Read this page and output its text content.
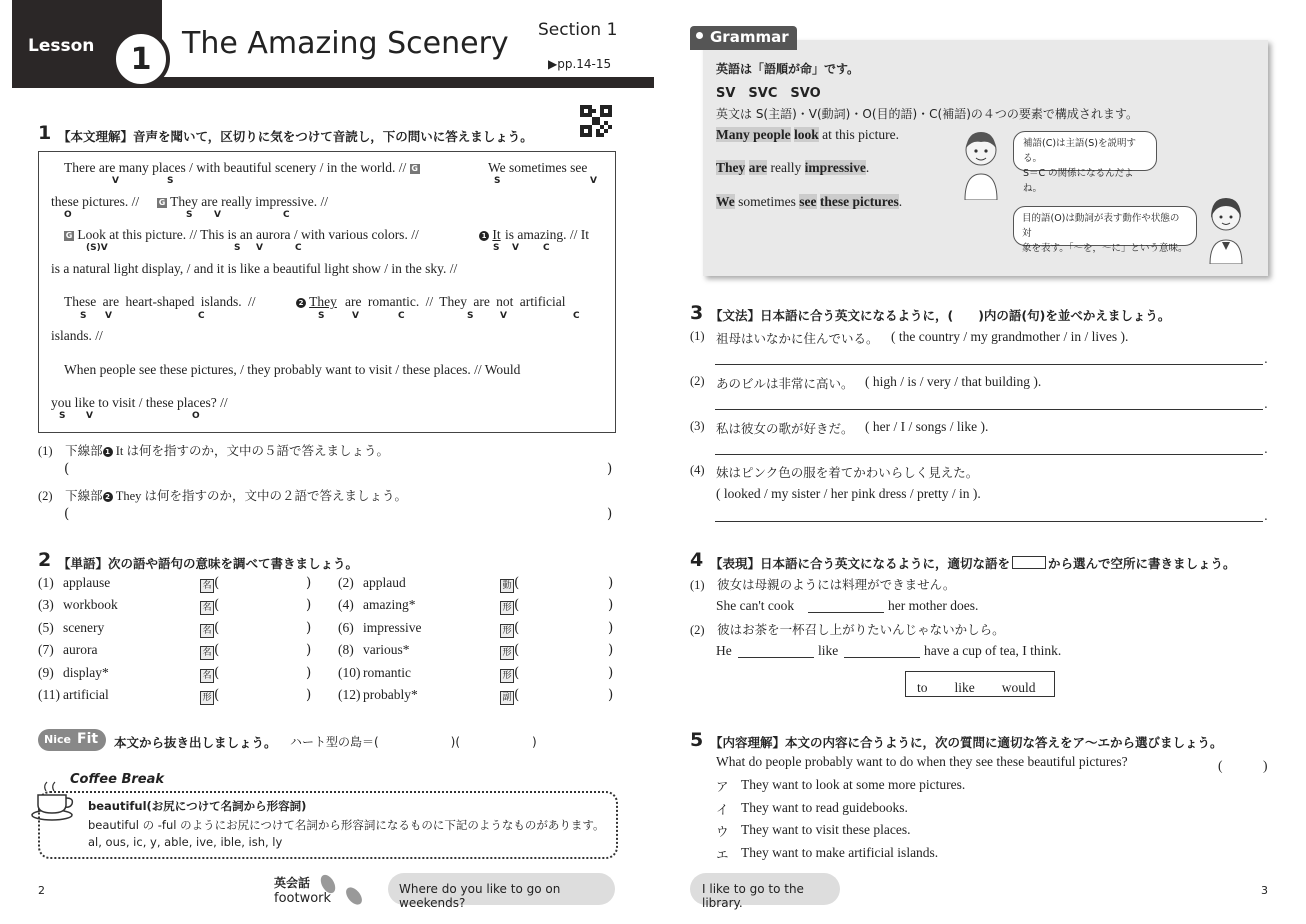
Lesson	1	The Amazing Scenery Section 1
▶pp.14-15
1 【本文理解】音声を聞いて，区切りに気をつけて音読し，下の問いに答えましょう。
There are many places / with beautiful scenery / in the world. // G	We sometimes see
these pictures. // G They are really impressive. //
G Look at this picture. // This is an aurora / with various colors. //	1 It is amazing. // It
is a natural light display, / and it is like a beautiful light show / in the sky. //
These are heart-shaped islands. //	2 They are romantic. // They are not artificial
islands. //
When people see these pictures, / they probably want to visit / these places. // Would
you like to visit / these places? //
V	S	S	V
O	S V	C
(S)V	S V	C	S V	C
S V	C	S	V	C	S	V	C
S V	O
(1)　 下線部 1 It は何を指すのか，文中の５語で答えましょう。
(	)
(2)　 下線部 2 They は何を指すのか，文中の２語で答えましょう。
(	)
2 【単語】次の語や語句の意味を調べて書きましょう。
(1) applause	名 (	) (2) applaud	動 (	)
(3) workbook	名 (	) (4) amazing*	形 (	)
(5) scenery	名 (	) (6) impressive	形 (	)
(7) aurora	名 (	) (8) various*	形 (	)
(9) display*	名 (	) (10) romantic	形 (	)
(11) artificial	形 (	) (12) probably*	副 (	)
Nice Fit 本文から抜き出しましょう。 ハート型の島＝(　　　　　　)(　　　　　　)
Coffee Break
beautiful(お尻につけて名詞から形容詞)
beautiful の -ful のようにお尻につけて名詞から形容詞になるものに下記のようなものがあります。
al, ous, ic, y, able, ive, ible, ish, ly
2
英会話
footwork
Where do you like to go on weekends?
I like to go to the library.
3
Grammar
英語は「語順が命」です。
SV　SVC　SVO
英文は S(主語)・V(動詞)・O(目的語)・C(補語)の４つの要素で構成されます。
Many people look at this picture.
They are really impressive.
We sometimes see these pictures.
補語(C)は主語(S)を説明する。
S＝C の関係になるんだよね。
目的語(O)は動詞が表す動作や状態の対
象を表す。「～を，～に」という意味。
3 【文法】日本語に合う英文になるように，(　　)内の語(句)を並べかえましょう。
(1) 祖母はいなかに住んでいる。 ( the country / my grandmother / in / lives ).
.
(2) あのビルは非常に高い。 ( high / is / very / that building ).
.
(3) 私は彼女の歌が好きだ。 ( her / I / songs / like ).
.
(4) 妹はピンク色の服を着てかわいらしく見えた。
( looked / my sister / her pink dress / pretty / in ).
.
4 【表現】日本語に合う英文になるように，適切な語を	から選んで空所に書きましょう。
(1)　 彼女は母親のようには料理ができません。
She can't cook	her mother does.
(2)　 彼はお茶を一杯召し上がりたいんじゃないかしら。
He	like	have a cup of tea, I think.
to　　like　　would
5 【内容理解】本文の内容に合うように，次の質問に適切な答えをア～エから選びましょう。
What do people probably want to do when they see these beautiful pictures?	(　　　)
ア They want to look at some more pictures.
イ They want to read guidebooks.
ウ They want to visit these places.
エ They want to make artificial islands.
